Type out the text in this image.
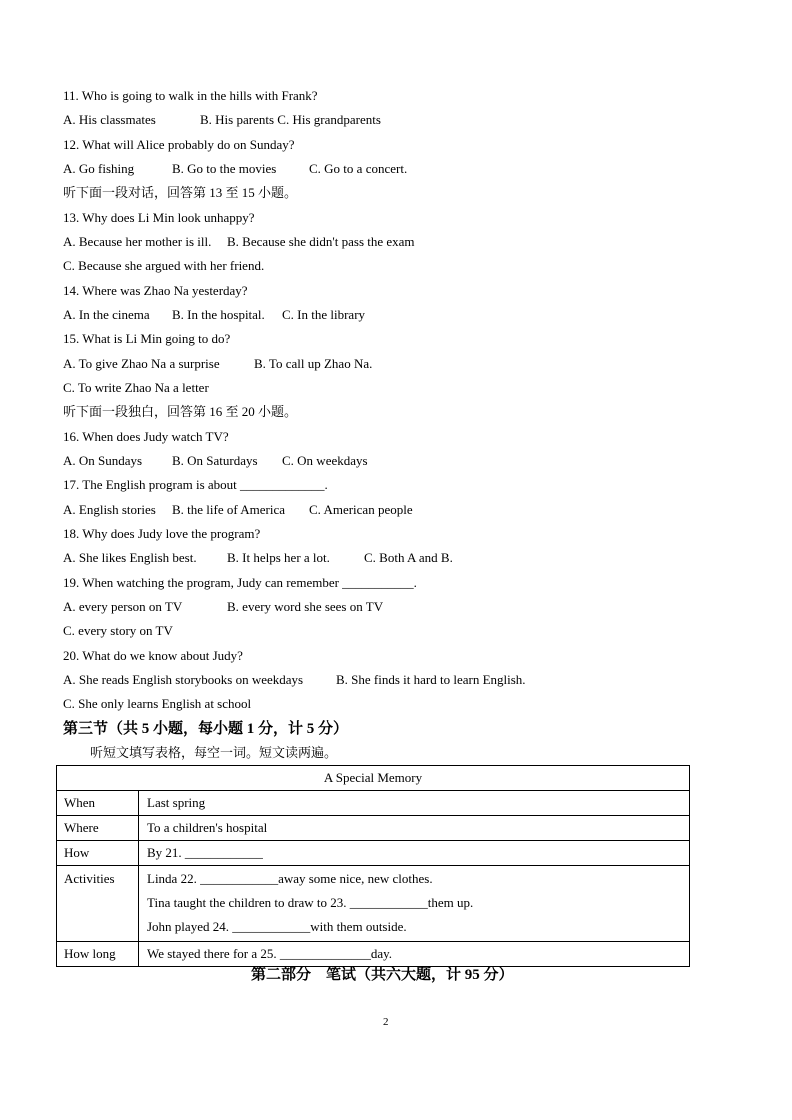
11. Who is going to walk in the hills with Frank?
A. His classmates	B. His parents C. His grandparents
12. What will Alice probably do on Sunday?
A. Go fishing	B. Go to the movies	C. Go to a concert.
听下面一段对话，回答第 13 至 15 小题。
13. Why does Li Min look unhappy?
A. Because her mother is ill. B. Because she didn't pass the exam
C. Because she argued with her friend.
14. Where was Zhao Na yesterday?
A. In the cinema B. In the hospital. C. In the library
15. What is Li Min going to do?
A. To give Zhao Na a surprise	B. To call up Zhao Na.
C. To write Zhao Na a letter
听下面一段独白，回答第 16 至 20 小题。
16. When does Judy watch TV?
A. On Sundays B. On Saturdays C. On weekdays
17. The English program is about _____________.
A. English stories B. the life of America C. American people
18. Why does Judy love the program?
A. She likes English best. B. It helps her a lot.	C. Both A and B.
19. When watching the program, Judy can remember ___________.
A. every person on TV	B. every word she sees on TV
C. every story on TV
20. What do we know about Judy?
A. She reads English storybooks on weekdays	B. She finds it hard to learn English.
C. She only learns English at school
第三节（共 5 小题，每小题 1 分，计 5 分）
听短文填写表格，每空一词。短文读两遍。
A Special Memory	
When	Last spring
Where	To a children's hospital
How	By 21. ____________

Activities	Linda 22. ____________away some nice, new clothes.
Tina taught the children to draw to 23. ____________them up.
John played 24. ____________with them outside.

How long	We stayed there for a 25. ______________day.
第二部分    笔试（共六大题，计 95 分）
2
